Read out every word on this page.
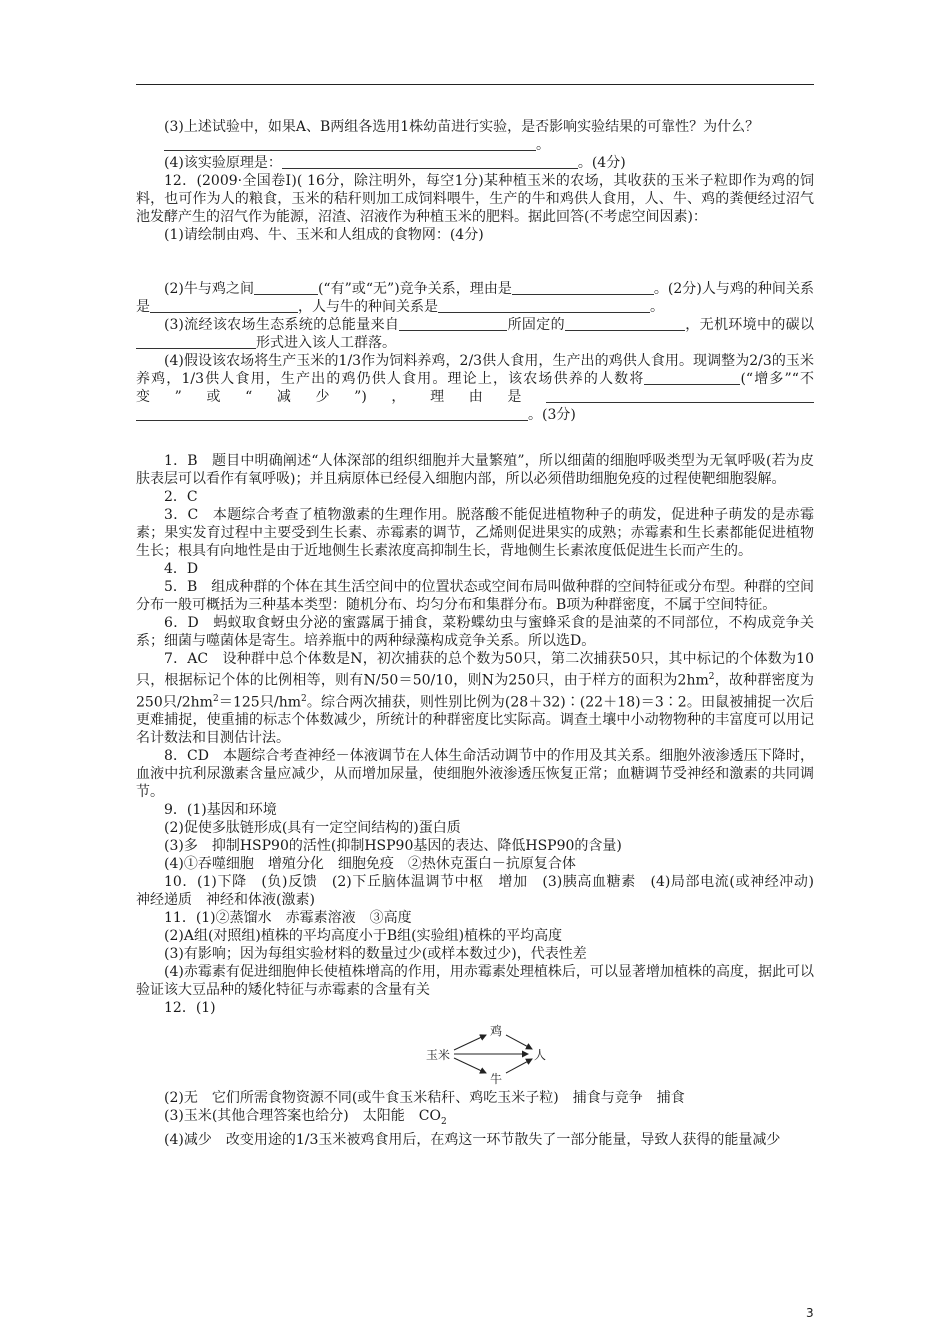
(3)上述试验中，如果A、B两组各选用1株幼苗进行实验，是否影响实验结果的可靠性？为什么？

。

(4)该实验原理是：	。(4分)

12．(2009·全国卷Ⅰ)( 16分，除注明外，每空1分)某种植玉米的农场，其收获的玉米子粒即作为鸡的饲料，也可作为人的粮食，玉米的秸秆则加工成饲料喂牛，生产的牛和鸡供人食用，人、牛、鸡的粪便经过沼气池发酵产生的沼气作为能源，沼渣、沼液作为种植玉米的肥料。据此回答(不考虑空间因素)：

(1)请绘制由鸡、牛、玉米和人组成的食物网：(4分)

(2)牛与鸡之间	(“有”或“无”)竞争关系，理由是	。(2分)人与鸡的种间关系是	，人与牛的种间关系是	。

(3)流经该农场生态系统的总能量来自	所固定的	，无机环境中的碳以形式进入该人工群落。

(4)假设该农场将生产玉米的1/3作为饲料养鸡，2/3供人食用，生产出的鸡供人食用。现调整为2/3的玉米养鸡，1/3供人食用，生产出的鸡仍供人食用。理论上，该农场供养的人数将	(“增多”“不变”或“减少”)，理由是。(3分)

1．B　题目中明确阐述“人体深部的组织细胞并大量繁殖”，所以细菌的细胞呼吸类型为无氧呼吸(若为皮肤表层可以看作有氧呼吸)；并且病原体已经侵入细胞内部，所以必须借助细胞免疫的过程使靶细胞裂解。

2．C

3．C　本题综合考查了植物激素的生理作用。脱落酸不能促进植物种子的萌发，促进种子萌发的是赤霉素；果实发育过程中主要受到生长素、赤霉素的调节，乙烯则促进果实的成熟；赤霉素和生长素都能促进植物生长；根具有向地性是由于近地侧生长素浓度高抑制生长，背地侧生长素浓度低促进生长而产生的。

4．D

5．B　组成种群的个体在其生活空间中的位置状态或空间布局叫做种群的空间特征或分布型。种群的空间分布一般可概括为三种基本类型：随机分布、均匀分布和集群分布。B项为种群密度，不属于空间特征。

6．D　蚂蚁取食蚜虫分泌的蜜露属于捕食，菜粉蝶幼虫与蜜蜂采食的是油菜的不同部位，不构成竞争关系；细菌与噬菌体是寄生。培养瓶中的两种绿藻构成竞争关系。所以选D。

7．AC　设种群中总个体数是N，初次捕获的总个数为50只，第二次捕获50只，其中标记的个体数为10只，根据标记个体的比例相等，则有N/50＝50/10，则N为250只，由于样方的面积为$2hm^2$，故种群密度为250只$/2hm^2=125$只$/hm^2$。综合两次捕获，则性别比例为(28＋32)∶(22＋18)＝3∶2。田鼠被捕捉一次后更难捕捉，使重捕的标志个体数减少，所统计的种群密度比实际高。调查土壤中小动物物种的丰富度可以用记名计数法和目测估计法。

8．CD　本题综合考查神经－体液调节在人体生命活动调节中的作用及其关系。细胞外液渗透压下降时，血液中抗利尿激素含量应减少，从而增加尿量，使细胞外液渗透压恢复正常；血糖调节受神经和激素的共同调节。

9．(1)基因和环境

(2)促使多肽链形成(具有一定空间结构的)蛋白质

(3)多　抑制HSP90的活性(抑制HSP90基因的表达、降低HSP90的含量)

(4)①吞噬细胞　增殖分化　细胞免疫　②热休克蛋白－抗原复合体

10．(1)下降　(负)反馈　(2)下丘脑体温调节中枢　增加　(3)胰高血糖素　(4)局部电流(或神经冲动)　神经递质　神经和体液(激素)

11．(1)②蒸馏水　赤霉素溶液　③高度

(2)A组(对照组)植株的平均高度小于B组(实验组)植株的平均高度

(3)有影响；因为每组实验材料的数量过少(或样本数过少)，代表性差

(4)赤霉素有促进细胞伸长使植株增高的作用，用赤霉素处理植株后，可以显著增加植株的高度，据此可以验证该大豆品种的矮化特征与赤霉素的含量有关

12．(1)

鸡
玉米	人
牛

(2)无　它们所需食物资源不同(或牛食玉米秸秆、鸡吃玉米子粒)　捕食与竞争　捕食

(3)玉米(其他合理答案也给分)　太阳能　$CO_2$

(4)减少　改变用途的1/3玉米被鸡食用后，在鸡这一环节散失了一部分能量，导致人获得的能量减少

3
